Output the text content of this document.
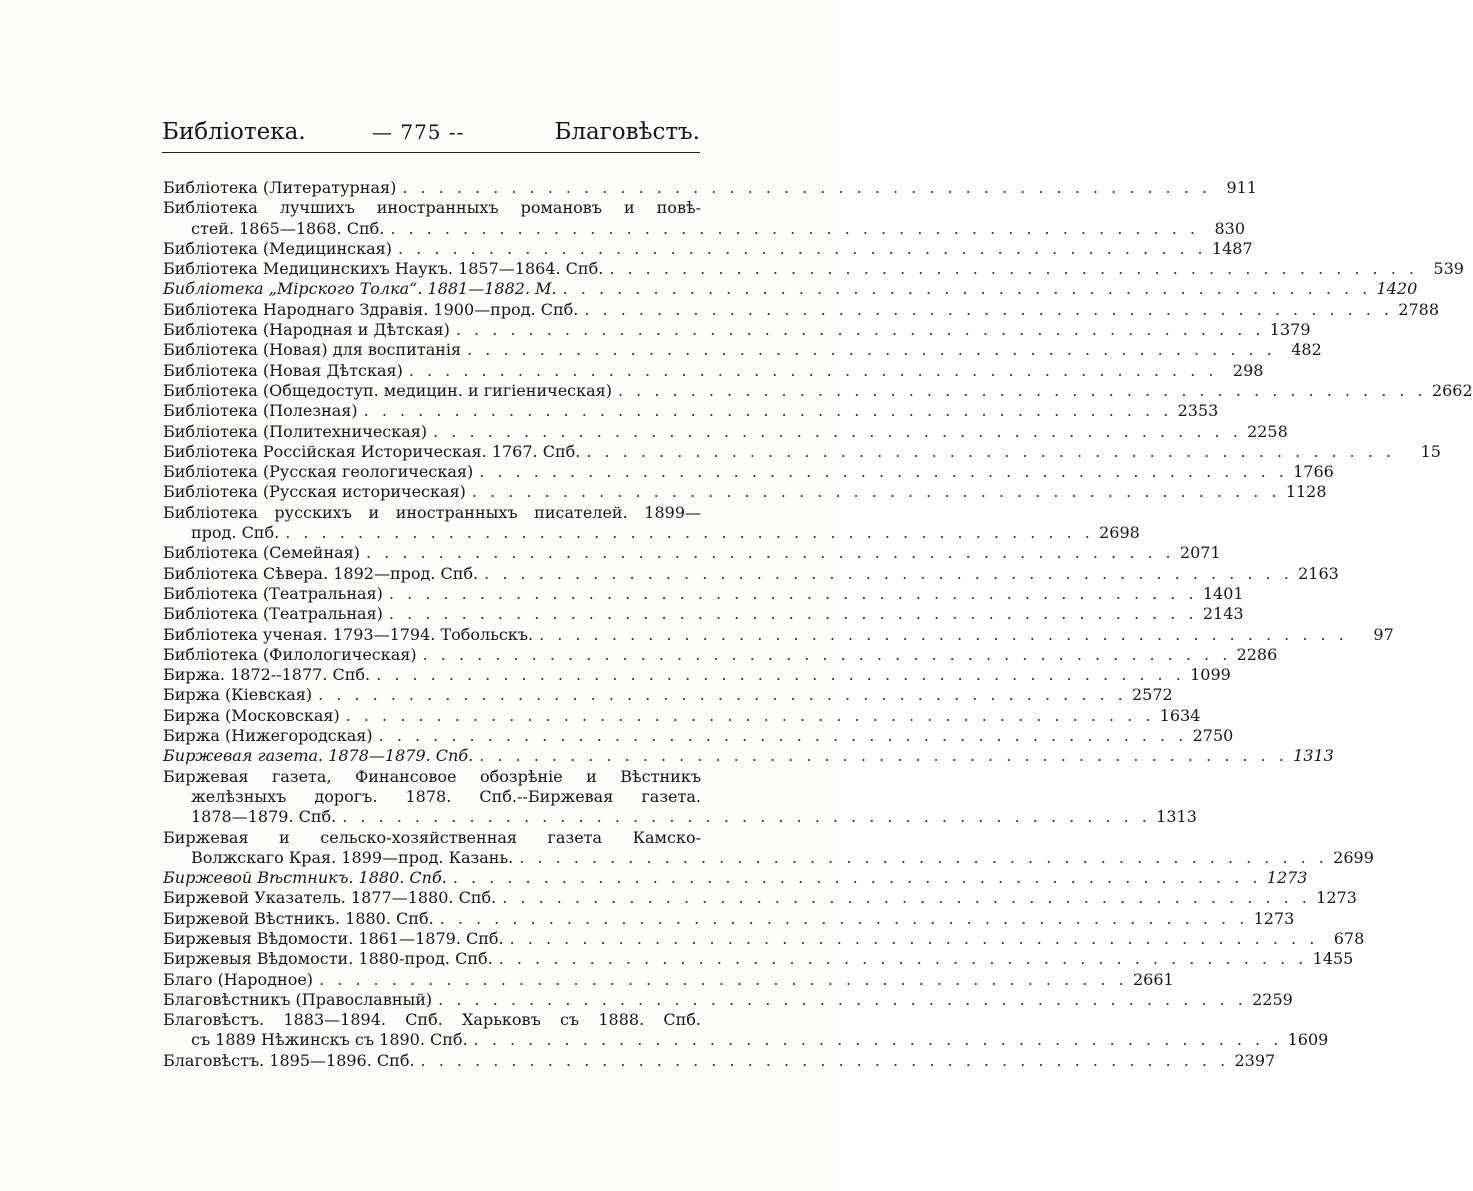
Библіотека.	— 775 --	Благовѣстъ.
Библіотека (Литературная) . . .	911
Библіотека лучшихъ иностранныхъ романовъ и повѣ-
стей. 1865—1868. Спб. . . .	830
Библіотека (Медицинская) . . .	1487
Библіотека Медицинскихъ Наукъ. 1857—1864. Спб. . . .	539
Библіотека „Мірского Толка“. 1881—1882. М. . . .	1420
Библіотека Народнаго Здравія. 1900—прод. Спб. . . .	2788
Библіотека (Народная и Дѣтская) . . .	1379
Библіотека (Новая) для воспитанія . . .	482
Библіотека (Новая Дѣтская) . . .	298
Библіотека (Общедоступ. медицин. и гигіеническая) . . .	2662
Библіотека (Полезная) . . .	2353
Библіотека (Политехническая) . . .	2258
Библіотека Россійская Историческая. 1767. Спб. . . .	15
Библіотека (Русская геологическая) . . .	1766
Библіотека (Русская историческая) . . .	1128
Библіотека русскихъ и иностранныхъ писателей. 1899—
прод. Спб. . . .	2698
Библіотека (Семейная) . . .	2071
Библіотека Сѣвера. 1892—прод. Спб. . . .	2163
Библіотека (Театральная) . . .	1401
Библіотека (Театральная) . . .	2143
Библіотека ученая. 1793—1794. Тобольскъ. . . .	97
Библіотека (Филологическая) . . .	2286
Биржа. 1872--1877. Спб. . . .	1099
Биржа (Кіевская) . . .	2572
Биржа (Московская) . . .	1634
Биржа (Нижегородская) . . .	2750
Биржевая газета. 1878—1879. Спб. . . .	1313
Биржевая газета, Финансовое обозрѣніе и Вѣстникъ
желѣзныхъ дорогъ. 1878. Спб.--Биржевая газета.
1878—1879. Спб. . . .	1313
Биржевая и сельско-хозяйственная газета Камско-
Волжскаго Края. 1899—прод. Казань. . . .	2699
Биржевой Вѣстникъ. 1880. Спб. . . .	1273
Биржевой Указатель. 1877—1880. Спб. . . .	1273
Биржевой Вѣстникъ. 1880. Спб. . . .	1273
Биржевыя Вѣдомости. 1861—1879. Спб. . . .	678
Биржевыя Вѣдомости. 1880-прод. Спб. . . .	1455
Благо (Народное) . . .	2661
Благовѣстникъ (Православный) . . .	2259
Благовѣстъ. 1883—1894. Спб. Харьковъ съ 1888. Спб.
съ 1889 Нѣжинскъ съ 1890. Спб. . . .	1609
Благовѣстъ. 1895—1896. Спб. . . .	2397
